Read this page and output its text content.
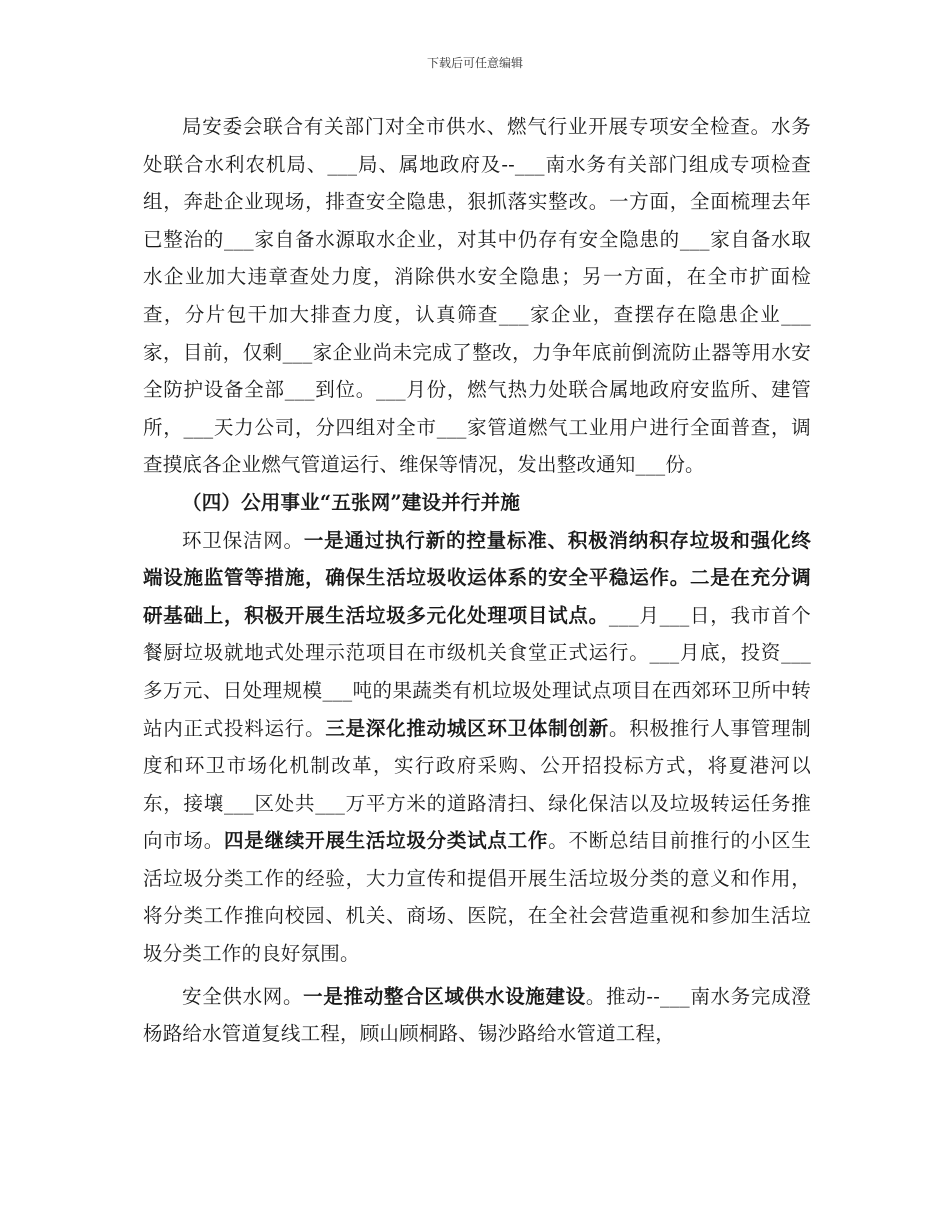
下载后可任意编辑

局安委会联合有关部门对全市供水、燃气行业开展专项安全检查。水务处联合水利农机局、___局、属地政府及--___南水务有关部门组成专项检查组，奔赴企业现场，排查安全隐患，狠抓落实整改。一方面，全面梳理去年已整治的___家自备水源取水企业，对其中仍存有安全隐患的___家自备水取水企业加大违章查处力度，消除供水安全隐患；另一方面，在全市扩面检查，分片包干加大排查力度，认真筛查___家企业，查摆存在隐患企业___家，目前，仅剩___家企业尚未完成了整改，力争年底前倒流防止器等用水安全防护设备全部___到位。___月份，燃气热力处联合属地政府安监所、建管所，___天力公司，分四组对全市___家管道燃气工业用户进行全面普查，调查摸底各企业燃气管道运行、维保等情况，发出整改通知___份。

（四）公用事业“五张网”建设并行并施

环卫保洁网。一是通过执行新的控量标准、积极消纳积存垃圾和强化终端设施监管等措施，确保生活垃圾收运体系的安全平稳运作。二是在充分调研基础上，积极开展生活垃圾多元化处理项目试点。___月___日，我市首个餐厨垃圾就地式处理示范项目在市级机关食堂正式运行。___月底，投资___多万元、日处理规模___吨的果蔬类有机垃圾处理试点项目在西郊环卫所中转站内正式投料运行。三是深化推动城区环卫体制创新。积极推行人事管理制度和环卫市场化机制改革，实行政府采购、公开招投标方式，将夏港河以东，接壤___区处共___万平方米的道路清扫、绿化保洁以及垃圾转运任务推向市场。四是继续开展生活垃圾分类试点工作。不断总结目前推行的小区生活垃圾分类工作的经验，大力宣传和提倡开展生活垃圾分类的意义和作用，将分类工作推向校园、机关、商场、医院，在全社会营造重视和参加生活垃圾分类工作的良好氛围。

安全供水网。一是推动整合区域供水设施建设。推动--___南水务完成澄杨路给水管道复线工程，顾山顾桐路、锡沙路给水管道工程，
